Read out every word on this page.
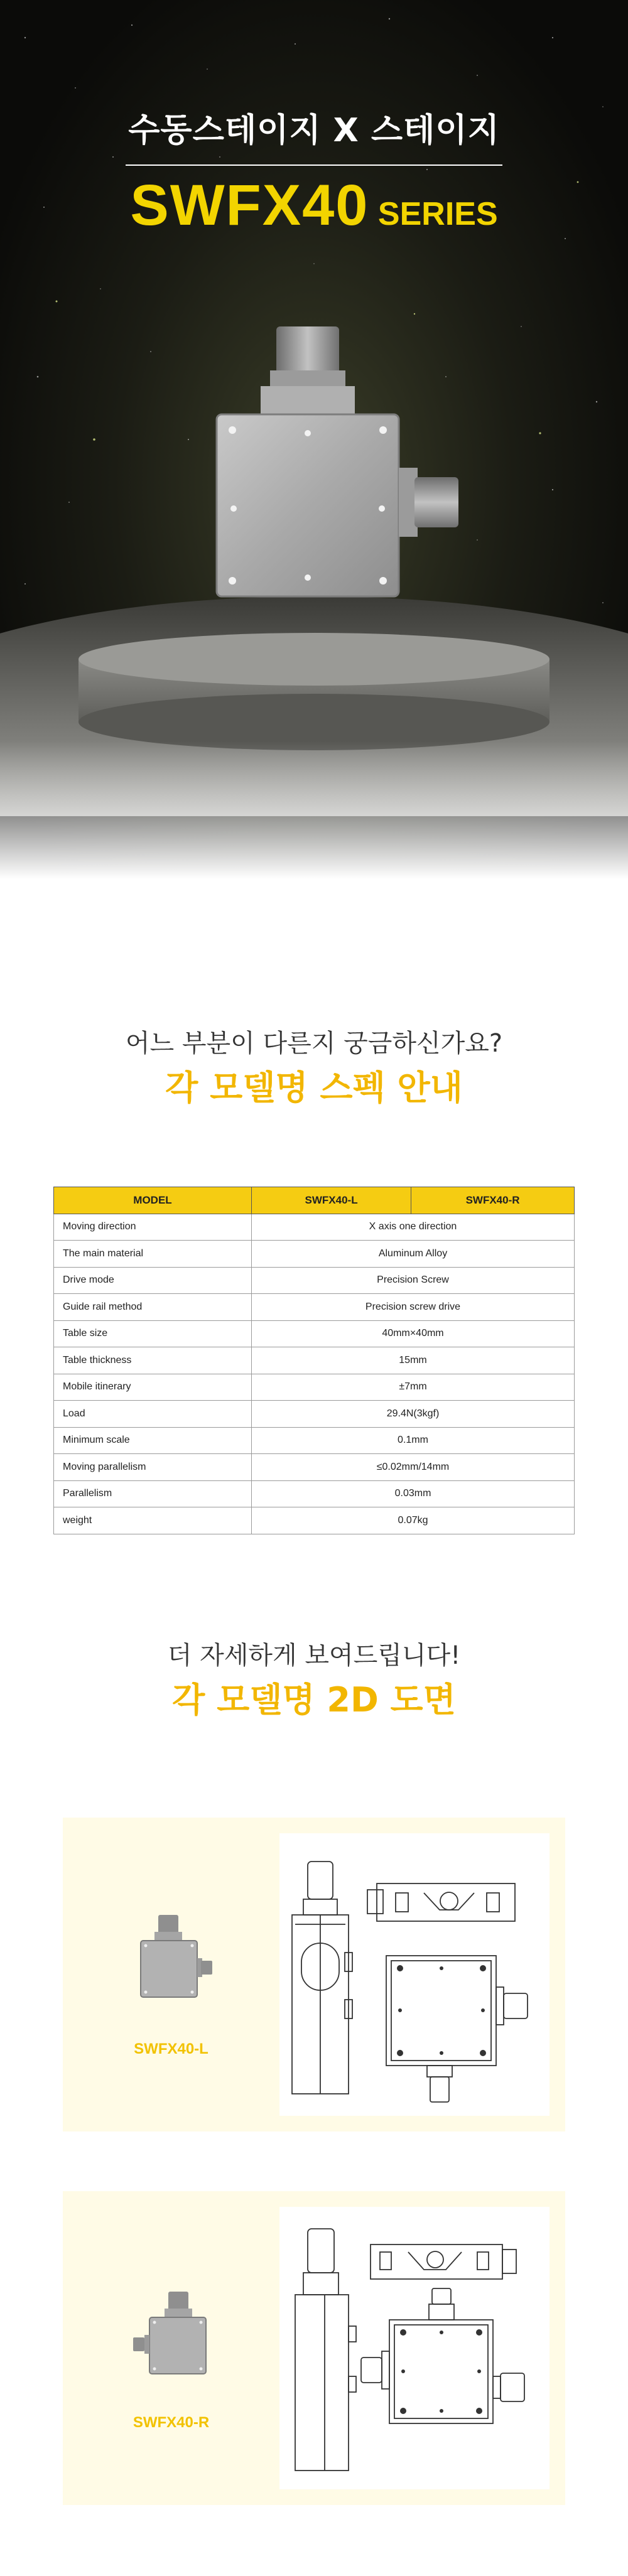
수동스테이지 X 스테이지
SWFX40 SERIES
어느 부분이 다른지 궁금하신가요?
각 모델명 스펙 안내
MODEL	SWFX40-L	SWFX40-R
Moving direction	X axis one direction	
The main material	Aluminum Alloy	
Drive mode	Precision Screw	
Guide rail method	Precision screw drive	
Table size	40mm×40mm	
Table thickness	15mm	
Mobile itinerary	±7mm	
Load	29.4N(3kgf)	
Minimum scale	0.1mm	
Moving parallelism	≤0.02mm/14mm	
Parallelism	0.03mm	
weight	0.07kg	
더 자세하게 보여드립니다!
각 모델명 2D 도면
SWFX40-L
SWFX40-R
